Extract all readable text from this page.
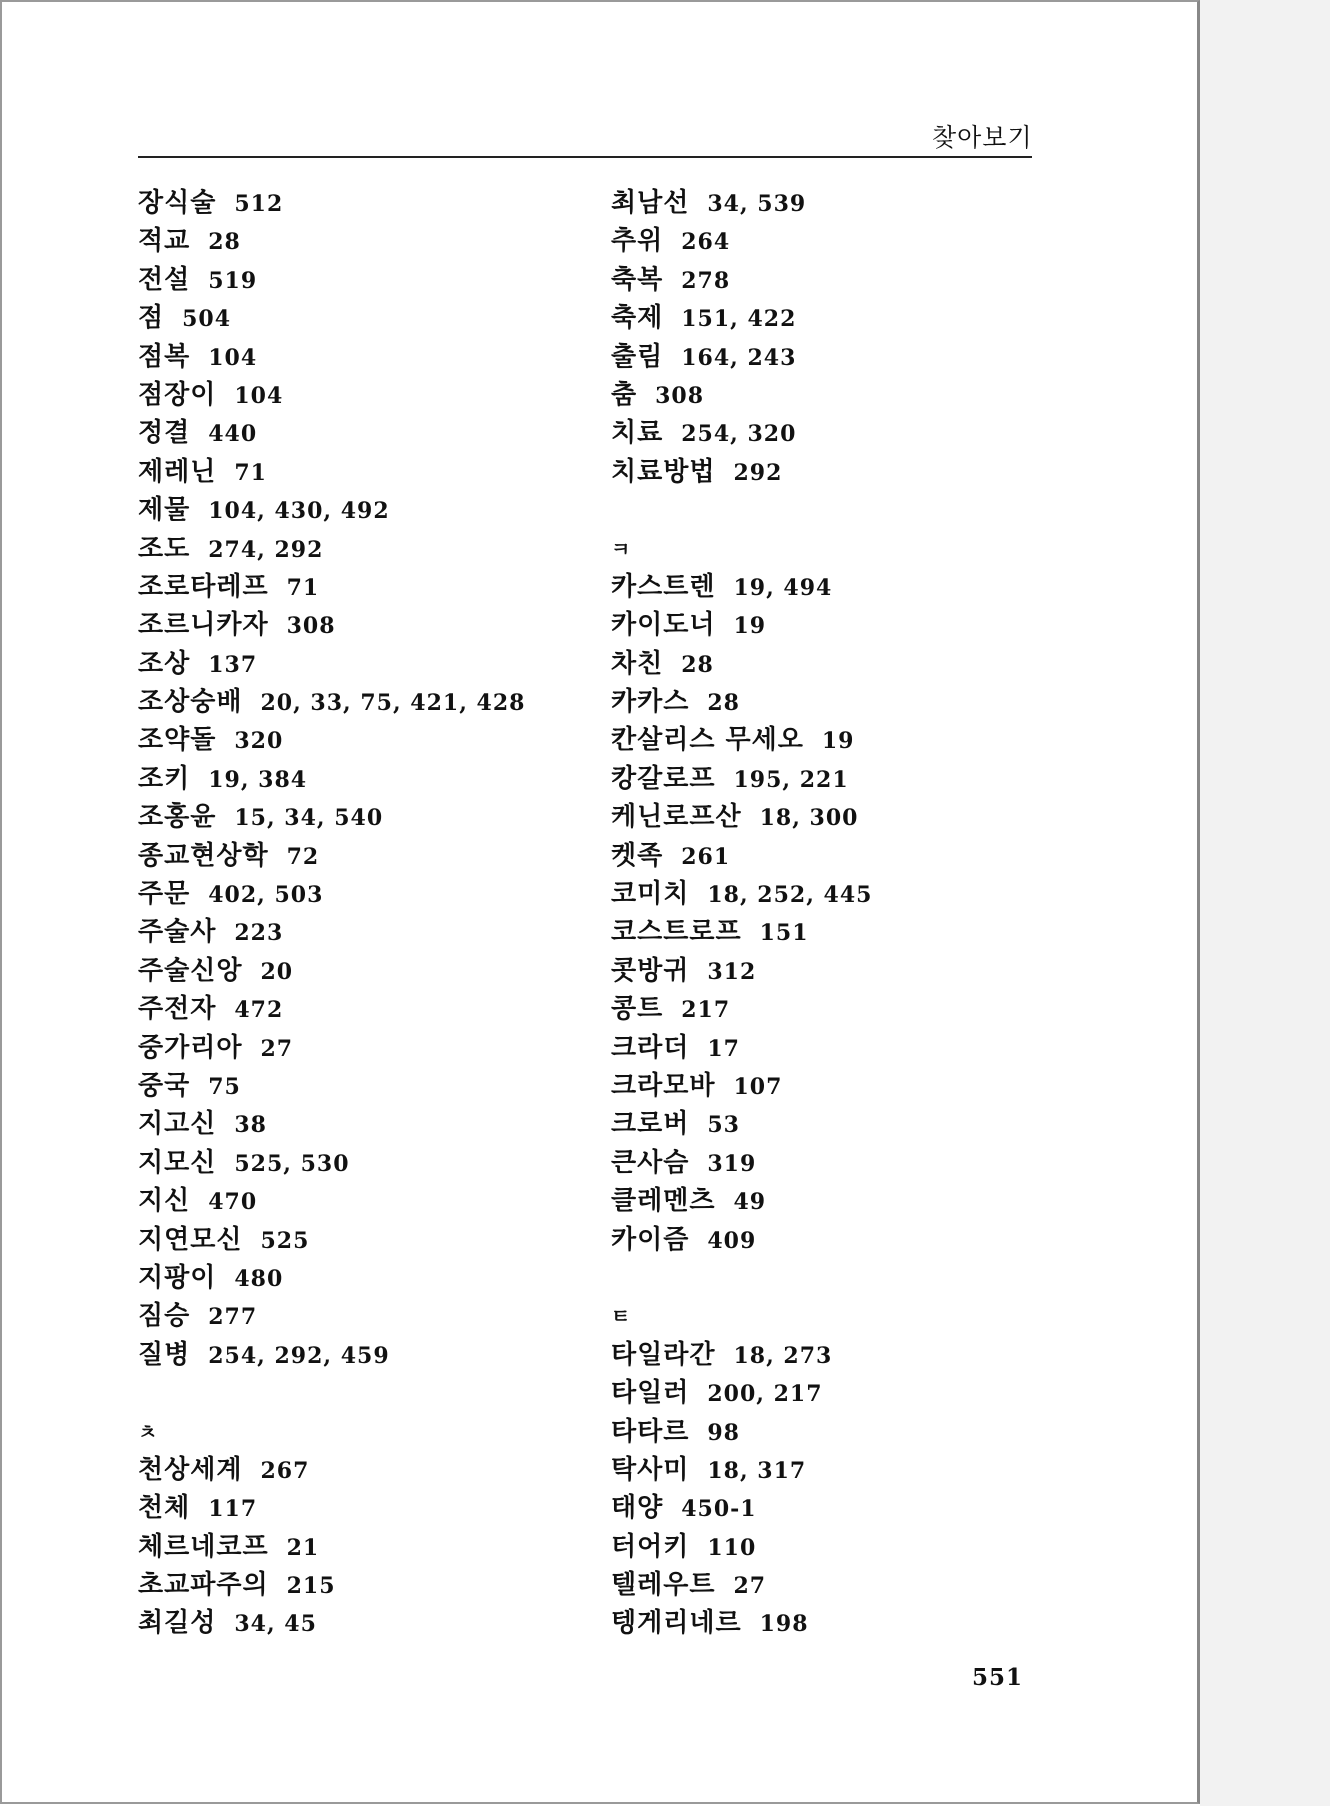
찾아보기
장식술 512
적교 28
전설 519
점 504
점복 104
점장이 104
정결 440
제레닌 71
제물 104, 430, 492
조도 274, 292
조로타레프 71
조르니카자 308
조상 137
조상숭배 20, 33, 75, 421, 428
조약돌 320
조키 19, 384
조홍윤 15, 34, 540
종교현상학 72
주문 402, 503
주술사 223
주술신앙 20
주전자 472
중가리아 27
중국 75
지고신 38
지모신 525, 530
지신 470
지연모신 525
지팡이 480
짐승 277
질병 254, 292, 459
ㅊ
천상세계 267
천체 117
체르네코프 21
초교파주의 215
최길성 34, 45
최남선 34, 539
추위 264
축복 278
축제 151, 422
출림 164, 243
춤 308
치료 254, 320
치료방법 292
ㅋ
카스트렌 19, 494
카이도너 19
차친 28
카카스 28
칸살리스 무세오 19
캉갈로프 195, 221
케닌로프산 18, 300
켓족 261
코미치 18, 252, 445
코스트로프 151
콧방귀 312
콩트 217
크라더 17
크라모바 107
크로버 53
큰사슴 319
클레멘츠 49
카이즘 409
ㅌ
타일라간 18, 273
타일러 200, 217
타타르 98
탁사미 18, 317
태양 450-1
터어키 110
텔레우트 27
텡게리네르 198
551
